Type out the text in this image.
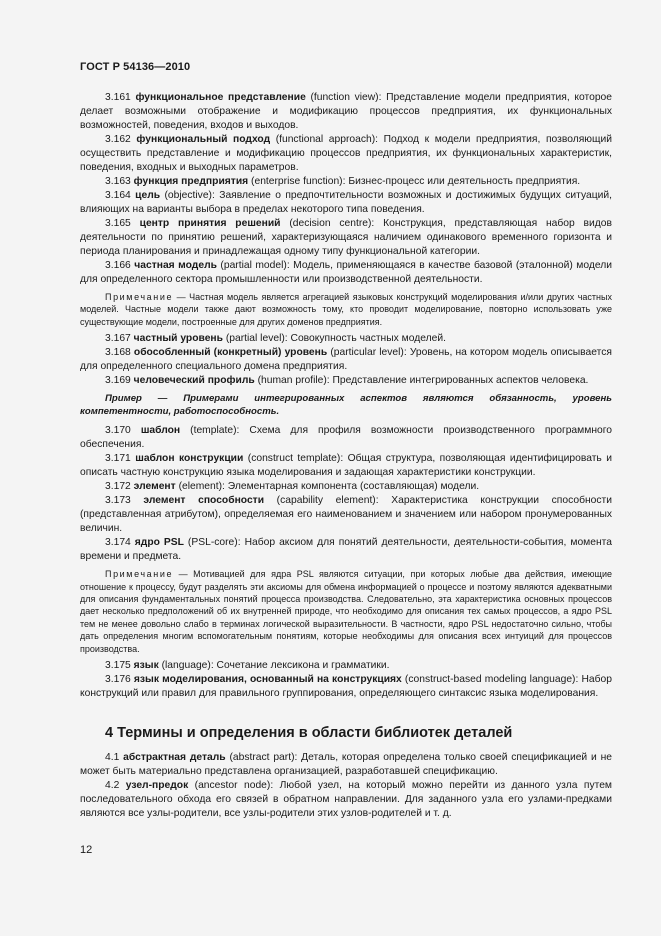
ГОСТ Р 54136—2010

3.161 функциональное представление (function view): Представление модели предприятия, которое делает возможными отображение и модификацию процессов предприятия, их функциональных возможностей, поведения, входов и выходов.

3.162 функциональный подход (functional approach): Подход к модели предприятия, позволяющий осуществить представление и модификацию процессов предприятия, их функциональных характеристик, поведения, входных и выходных параметров.

3.163 функция предприятия (enterprise function): Бизнес-процесс или деятельность предприятия.

3.164 цель (objective): Заявление о предпочтительности возможных и достижимых будущих ситуаций, влияющих на варианты выбора в пределах некоторого типа поведения.

3.165 центр принятия решений (decision centre): Конструкция, представляющая набор видов деятельности по принятию решений, характеризующаяся наличием одинакового временного горизонта и периода планирования и принадлежащая одному типу функциональной категории.

3.166 частная модель (partial model): Модель, применяющаяся в качестве базовой (эталонной) модели для определенного сектора промышленности или производственной деятельности.

Примечание — Частная модель является агрегацией языковых конструкций моделирования и/или других частных моделей. Частные модели также дают возможность тому, кто проводит моделирование, повторно использовать уже существующие модели, построенные для других доменов предприятия.

3.167 частный уровень (partial level): Совокупность частных моделей.

3.168 обособленный (конкретный) уровень (particular level): Уровень, на котором модель описывается для определенного специального домена предприятия.

3.169 человеческий профиль (human profile): Представление интегрированных аспектов человека.

Пример — Примерами интегрированных аспектов являются обязанность, уровень компетентности, работоспособность.

3.170 шаблон (template): Схема для профиля возможности производственного программного обеспечения.

3.171 шаблон конструкции (construct template): Общая структура, позволяющая идентифицировать и описать частную конструкцию языка моделирования и задающая характеристики конструкции.

3.172 элемент (element): Элементарная компонента (составляющая) модели.

3.173 элемент способности (capability element): Характеристика конструкции способности (представленная атрибутом), определяемая его наименованием и значением или набором пронумерованных величин.

3.174 ядро PSL (PSL-core): Набор аксиом для понятий деятельности, деятельности-события, момента времени и предмета.

Примечание — Мотивацией для ядра PSL являются ситуации, при которых любые два действия, имеющие отношение к процессу, будут разделять эти аксиомы для обмена информацией о процессе и поэтому являются адекватными для описания фундаментальных понятий процесса производства. Следовательно, эта характеристика основных процессов дает несколько предположений об их внутренней природе, что необходимо для описания тех самых процессов, а ядро PSL тем не менее довольно слабо в терминах логической выразительности. В частности, ядро PSL недостаточно сильно, чтобы дать определения многим вспомогательным понятиям, которые необходимы для описания всех интуиций для процессов производства.

3.175 язык (language): Сочетание лексикона и грамматики.

3.176 язык моделирования, основанный на конструкциях (construct-based modeling language): Набор конструкций или правил для правильного группирования, определяющего синтаксис языка моделирования.

4 Термины и определения в области библиотек деталей

4.1 абстрактная деталь (abstract part): Деталь, которая определена только своей спецификацией и не может быть материально представлена организацией, разработавшей спецификацию.

4.2 узел-предок (ancestor node): Любой узел, на который можно перейти из данного узла путем последовательного обхода его связей в обратном направлении. Для заданного узла его узлами-предками являются все узлы-родители, все узлы-родители этих узлов-родителей и т. д.

12
